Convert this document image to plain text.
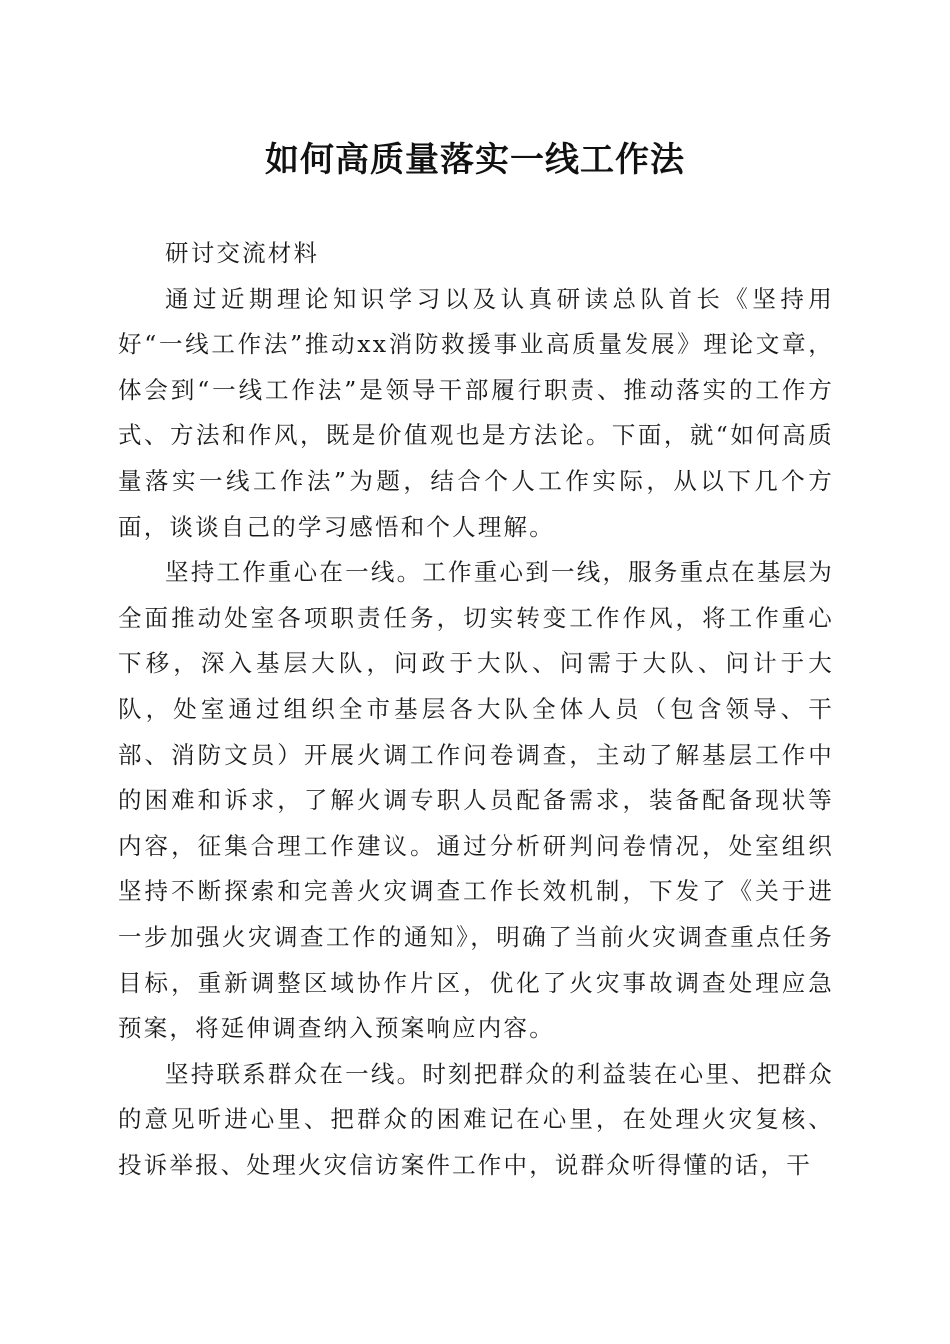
如何高质量落实一线工作法

研讨交流材料

通过近期理论知识学习以及认真研读总队首长《坚持用好“一线工作法”推动xx消防救援事业高质量发展》理论文章，体会到“一线工作法”是领导干部履行职责、推动落实的工作方式、方法和作风，既是价值观也是方法论。下面，就“如何高质量落实一线工作法”为题，结合个人工作实际，从以下几个方面，谈谈自己的学习感悟和个人理解。

坚持工作重心在一线。工作重心到一线，服务重点在基层为全面推动处室各项职责任务，切实转变工作作风，将工作重心下移，深入基层大队，问政于大队、问需于大队、问计于大队，处室通过组织全市基层各大队全体人员（包含领导、干部、消防文员）开展火调工作问卷调查，主动了解基层工作中的困难和诉求，了解火调专职人员配备需求，装备配备现状等内容，征集合理工作建议。通过分析研判问卷情况，处室组织坚持不断探索和完善火灾调查工作长效机制，下发了《关于进一步加强火灾调查工作的通知》，明确了当前火灾调查重点任务目标，重新调整区域协作片区，优化了火灾事故调查处理应急预案，将延伸调查纳入预案响应内容。

坚持联系群众在一线。时刻把群众的利益装在心里、把群众的意见听进心里、把群众的困难记在心里，在处理火灾复核、投诉举报、处理火灾信访案件工作中，说群众听得懂的话，干
